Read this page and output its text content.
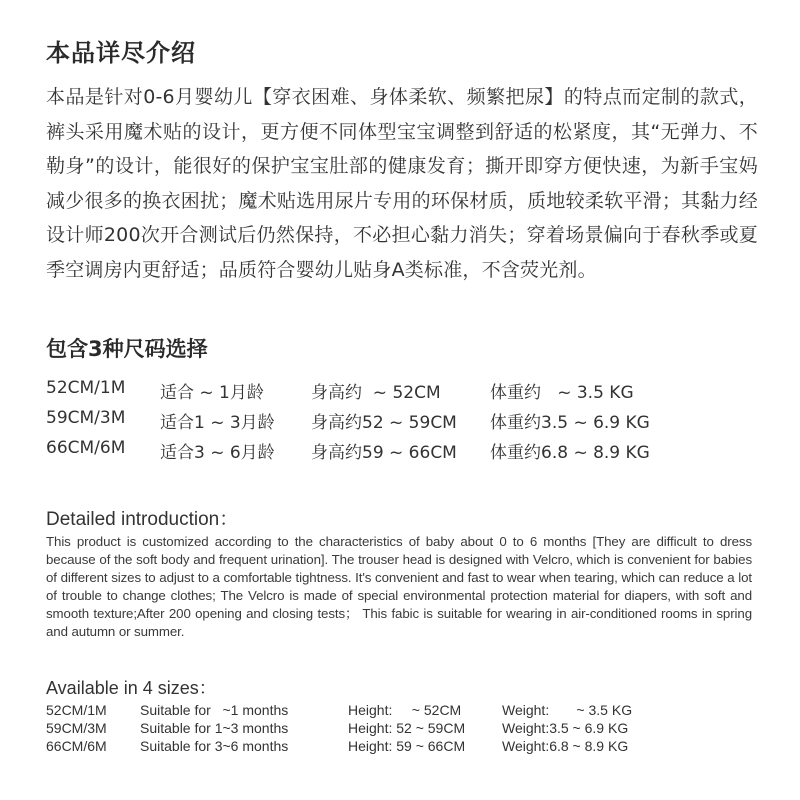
本品详尽介绍
本品是针对0-6月婴幼儿【穿衣困难、身体柔软、频繁把尿】的特点而定制的款式，裤头采用魔术贴的设计，更方便不同体型宝宝调整到舒适的松紧度，其“无弹力、不勒身”的设计，能很好的保护宝宝肚部的健康发育；撕开即穿方便快速，为新手宝妈减少很多的换衣困扰；魔术贴选用尿片专用的环保材质，质地较柔软平滑；其黏力经设计师200次开合测试后仍然保持，不必担心黏力消失；穿着场景偏向于春秋季或夏季空调房内更舒适；品质符合婴幼儿贴身A类标准，不含荧光剂。
包含3种尺码选择
52CM/1M 适合 ~ 1月龄	身高约  ~ 52CM	体重约   ~ 3.5 KG
59CM/3M 适合1 ~ 3月龄 身高约52 ~ 59CM 体重约3.5 ~ 6.9 KG
66CM/6M 适合3 ~ 6月龄 身高约59 ~ 66CM 体重约6.8 ~ 8.9 KG
Detailed introduction：
This product is customized according to the characteristics of baby about 0 to 6 months [They are difficult to dress because of the soft body and frequent urination]. The trouser head is designed with Velcro, which is convenient for babies of different sizes to adjust to a comfortable tightness. It's convenient and fast to wear when tearing, which can reduce a lot of trouble to change clothes; The Velcro is made of special environmental protection material for diapers, with soft and smooth texture;After 200 opening and closing tests； This fabic is suitable for wearing in air-conditioned rooms in spring and autumn or summer.
Available in 4 sizes：
52CM/1M Suitable for   ~1 months	Height:     ~ 52CM	Weight:       ~ 3.5 KG
59CM/3M Suitable for 1~3 months	Height: 52 ~ 59CM	Weight:3.5 ~ 6.9 KG
66CM/6M Suitable for 3~6 months	Height: 59 ~ 66CM	Weight:6.8 ~ 8.9 KG
